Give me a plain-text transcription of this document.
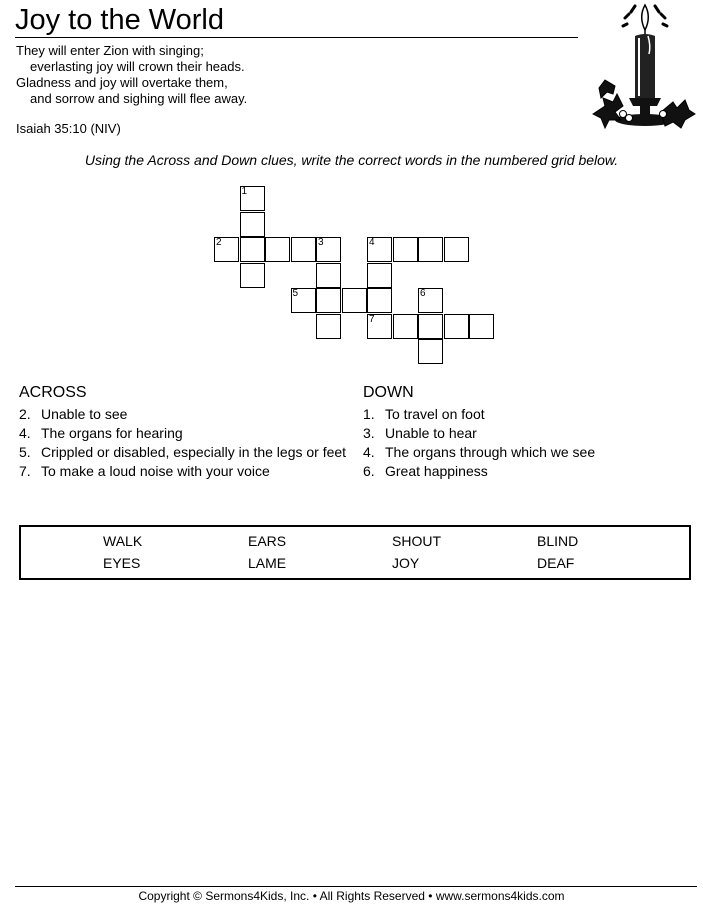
Joy to the World
They will enter Zion with singing;
everlasting joy will crown their heads.
Gladness and joy will overtake them,
and sorrow and sighing will flee away.
Isaiah 35:10 (NIV)
Using the Across and Down clues, write the correct words in the numbered grid below.
1
2	3	4
7
5	6
ACROSS
2. Unable to see
4. The organs for hearing
5. Crippled or disabled, especially in the legs or feet
7. To make a loud noise with your voice
DOWN
1. To travel on foot
3. Unable to hear
4. The organs through which we see
6. Great happiness
WALK	EARS	SHOUT	BLIND
EYES	LAME	JOY	DEAF
Copyright © Sermons4Kids, Inc. • All Rights Reserved • www.sermons4kids.com
